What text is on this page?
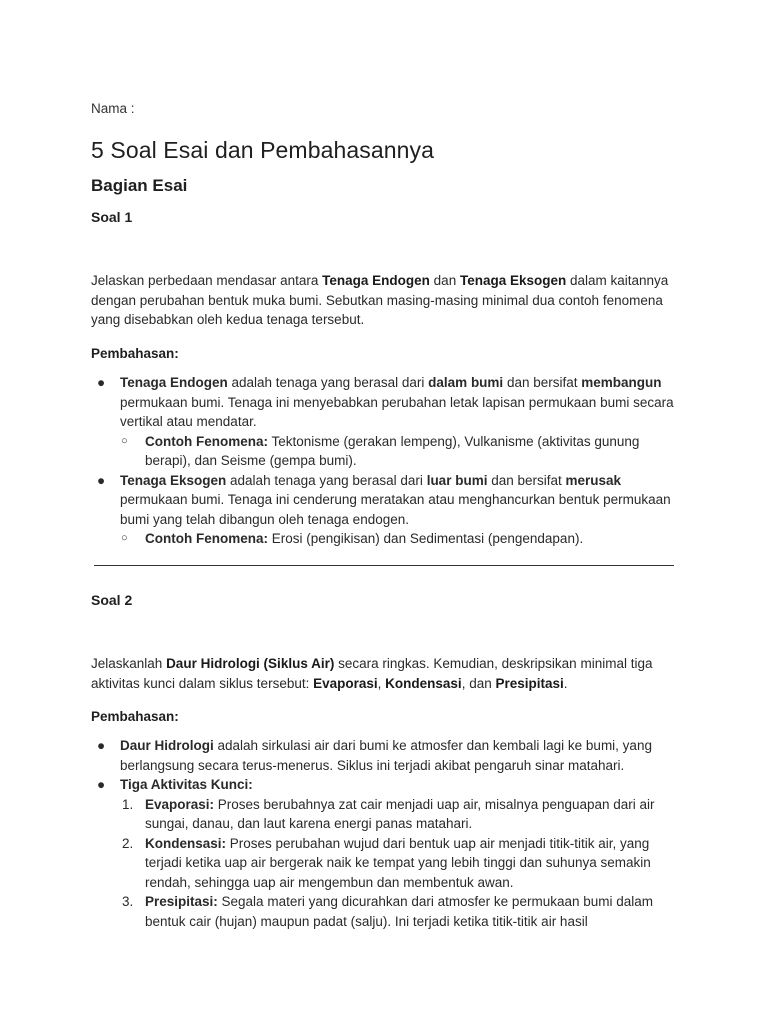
Nama :
5 Soal Esai dan Pembahasannya
Bagian Esai
Soal 1

Jelaskan perbedaan mendasar antara Tenaga Endogen dan Tenaga Eksogen dalam kaitannya dengan perubahan bentuk muka bumi. Sebutkan masing-masing minimal dua contoh fenomena yang disebabkan oleh kedua tenaga tersebut.

Pembahasan:
● Tenaga Endogen adalah tenaga yang berasal dari dalam bumi dan bersifat membangun permukaan bumi. Tenaga ini menyebabkan perubahan letak lapisan permukaan bumi secara vertikal atau mendatar.
○ Contoh Fenomena: Tektonisme (gerakan lempeng), Vulkanisme (aktivitas gunung berapi), dan Seisme (gempa bumi).
● Tenaga Eksogen adalah tenaga yang berasal dari luar bumi dan bersifat merusak permukaan bumi. Tenaga ini cenderung meratakan atau menghancurkan bentuk permukaan bumi yang telah dibangun oleh tenaga endogen.
○ Contoh Fenomena: Erosi (pengikisan) dan Sedimentasi (pengendapan).
Soal 2

Jelaskanlah Daur Hidrologi (Siklus Air) secara ringkas. Kemudian, deskripsikan minimal tiga aktivitas kunci dalam siklus tersebut: Evaporasi, Kondensasi, dan Presipitasi.

Pembahasan:
● Daur Hidrologi adalah sirkulasi air dari bumi ke atmosfer dan kembali lagi ke bumi, yang berlangsung secara terus-menerus. Siklus ini terjadi akibat pengaruh sinar matahari.
● Tiga Aktivitas Kunci:
1. Evaporasi: Proses berubahnya zat cair menjadi uap air, misalnya penguapan dari air sungai, danau, dan laut karena energi panas matahari.
2. Kondensasi: Proses perubahan wujud dari bentuk uap air menjadi titik-titik air, yang terjadi ketika uap air bergerak naik ke tempat yang lebih tinggi dan suhunya semakin rendah, sehingga uap air mengembun dan membentuk awan.
3. Presipitasi: Segala materi yang dicurahkan dari atmosfer ke permukaan bumi dalam bentuk cair (hujan) maupun padat (salju). Ini terjadi ketika titik-titik air hasil
